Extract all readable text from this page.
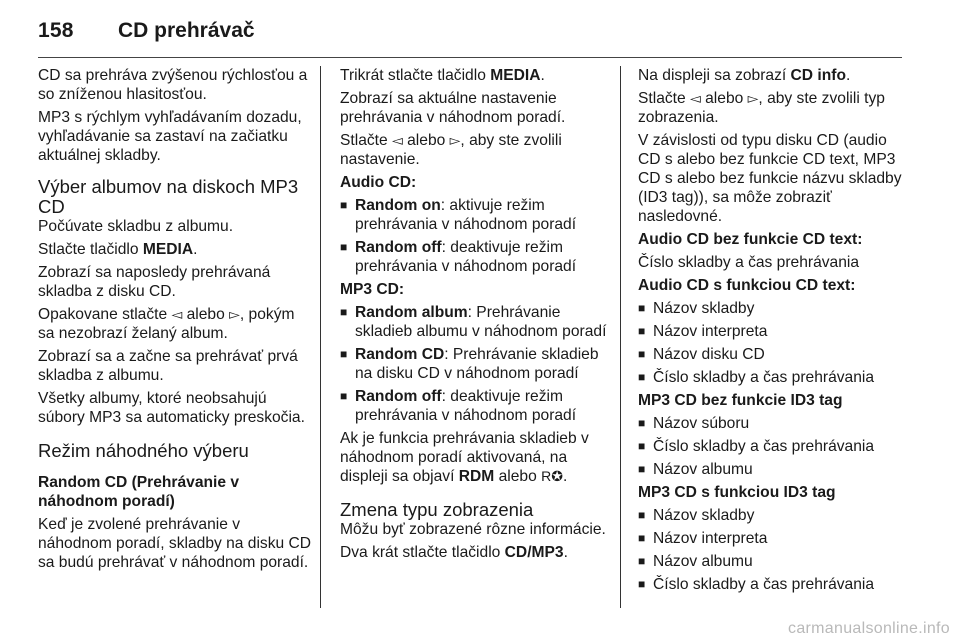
158 CD prehrávač

CD sa prehráva zvýšenou rýchlosťou a so zníženou hlasitosťou.

MP3 s rýchlym vyhľadávaním dozadu, vyhľadávanie sa zastaví na začiatku aktuálnej skladby.

Výber albumov na diskoch MP3 CD

Počúvate skladbu z albumu.

Stlačte tlačidlo MEDIA.

Zobrazí sa naposledy prehrávaná skladba z disku CD.

Opakovane stlačte ◅ alebo ▻, pokým sa nezobrazí želaný album.

Zobrazí sa a začne sa prehrávať prvá skladba z albumu.

Všetky albumy, ktoré neobsahujú súbory MP3 sa automaticky preskočia.

Režim náhodného výberu
Random CD (Prehrávanie v náhodnom poradí)

Keď je zvolené prehrávanie v náhodnom poradí, skladby na disku CD sa budú prehrávať v náhodnom poradí.

Trikrát stlačte tlačidlo MEDIA.

Zobrazí sa aktuálne nastavenie prehrávania v náhodnom poradí.

Stlačte ◅ alebo ▻, aby ste zvolili nastavenie.

Audio CD:
■ Random on: aktivuje režim prehrávania v náhodnom poradí
■ Random off: deaktivuje režim prehrávania v náhodnom poradí
MP3 CD:
■ Random album: Prehrávanie skladieb albumu v náhodnom poradí
■ Random CD: Prehrávanie skladieb na disku CD v náhodnom poradí
■ Random off: deaktivuje režim prehrávania v náhodnom poradí

Ak je funkcia prehrávania skladieb v náhodnom poradí aktivovaná, na displeji sa objaví RDM alebo R✪.

Zmena typu zobrazenia

Môžu byť zobrazené rôzne informácie.

Dva krát stlačte tlačidlo CD/MP3.

Na displeji sa zobrazí CD info.

Stlačte ◅ alebo ▻, aby ste zvolili typ zobrazenia.

V závislosti od typu disku CD (audio CD s alebo bez funkcie CD text, MP3 CD s alebo bez funkcie názvu skladby (ID3 tag)), sa môže zobraziť nasledovné.

Audio CD bez funkcie CD text:

Číslo skladby a čas prehrávania

Audio CD s funkciou CD text:
■ Názov skladby
■ Názov interpreta
■ Názov disku CD
■ Číslo skladby a čas prehrávania
MP3 CD bez funkcie ID3 tag
■ Názov súboru
■ Číslo skladby a čas prehrávania
■ Názov albumu
MP3 CD s funkciou ID3 tag
■ Názov skladby
■ Názov interpreta
■ Názov albumu
■ Číslo skladby a čas prehrávania
carmanualsonline.info
